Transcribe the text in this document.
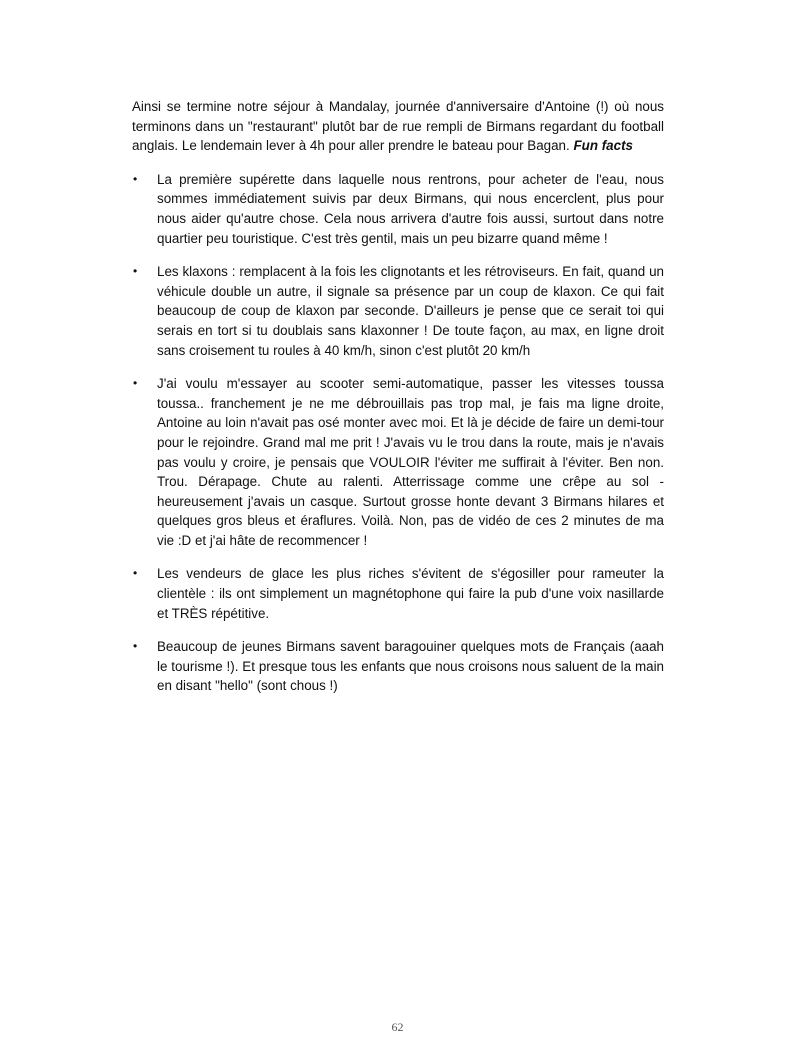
Ainsi se termine notre séjour à Mandalay, journée d'anniversaire d'Antoine (!) où nous terminons dans un "restaurant" plutôt bar de rue rempli de Birmans regardant du football anglais. Le lendemain lever à 4h pour aller prendre le bateau pour Bagan. Fun facts

• La première supérette dans laquelle nous rentrons, pour acheter de l'eau, nous sommes immédiatement suivis par deux Birmans, qui nous encerclent, plus pour nous aider qu'autre chose. Cela nous arrivera d'autre fois aussi, surtout dans notre quartier peu touristique. C'est très gentil, mais un peu bizarre quand même !
• Les klaxons : remplacent à la fois les clignotants et les rétroviseurs. En fait, quand un véhicule double un autre, il signale sa présence par un coup de klaxon. Ce qui fait beaucoup de coup de klaxon par seconde. D'ailleurs je pense que ce serait toi qui serais en tort si tu doublais sans klaxonner ! De toute façon, au max, en ligne droit sans croisement tu roules à 40 km/h, sinon c'est plutôt 20 km/h
• J'ai voulu m'essayer au scooter semi-automatique, passer les vitesses toussa toussa.. franchement je ne me débrouillais pas trop mal, je fais ma ligne droite, Antoine au loin n'avait pas osé monter avec moi. Et là je décide de faire un demi-tour pour le rejoindre. Grand mal me prit ! J'avais vu le trou dans la route, mais je n'avais pas voulu y croire, je pensais que VOULOIR l'éviter me suffirait à l'éviter. Ben non. Trou. Dérapage. Chute au ralenti. Atterrissage comme une crêpe au sol - heureusement j'avais un casque. Surtout grosse honte devant 3 Birmans hilares et quelques gros bleus et éraflures. Voilà. Non, pas de vidéo de ces 2 minutes de ma vie :D et j'ai hâte de recommencer !
• Les vendeurs de glace les plus riches s'évitent de s'égosiller pour rameuter la clientèle : ils ont simplement un magnétophone qui faire la pub d'une voix nasillarde et TRÈS répétitive.
• Beaucoup de jeunes Birmans savent baragouiner quelques mots de Français (aaah le tourisme !). Et presque tous les enfants que nous croisons nous saluent de la main en disant "hello" (sont chous !)
62
